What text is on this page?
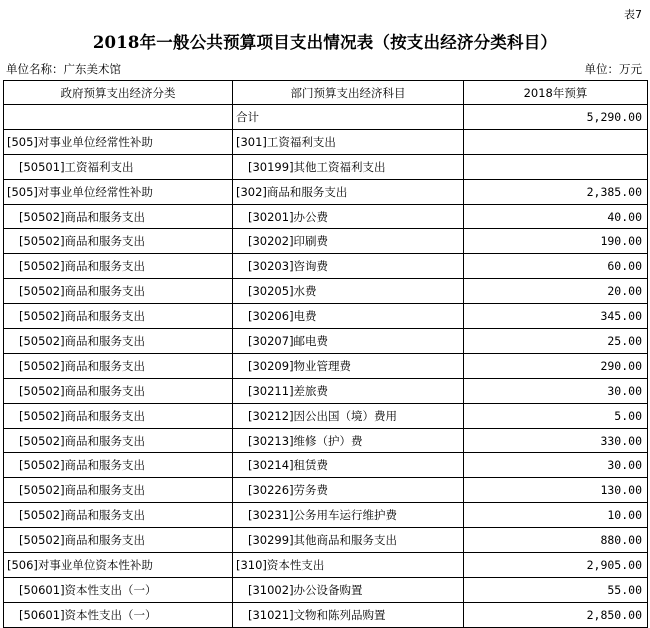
表7
2018年一般公共预算项目支出情况表（按支出经济分类科目）
单位名称：广东美术馆	单位：万元
政府预算支出经济分类	部门预算支出经济科目	2018年预算
	合计	5,290.00
[505]对事业单位经常性补助	[301]工资福利支出	
[50501]工资福利支出	[30199]其他工资福利支出	
[505]对事业单位经常性补助	[302]商品和服务支出	2,385.00
[50502]商品和服务支出	[30201]办公费	40.00
[50502]商品和服务支出	[30202]印刷费	190.00
[50502]商品和服务支出	[30203]咨询费	60.00
[50502]商品和服务支出	[30205]水费	20.00
[50502]商品和服务支出	[30206]电费	345.00
[50502]商品和服务支出	[30207]邮电费	25.00
[50502]商品和服务支出	[30209]物业管理费	290.00
[50502]商品和服务支出	[30211]差旅费	30.00
[50502]商品和服务支出	[30212]因公出国（境）费用	5.00
[50502]商品和服务支出	[30213]维修（护）费	330.00
[50502]商品和服务支出	[30214]租赁费	30.00
[50502]商品和服务支出	[30226]劳务费	130.00
[50502]商品和服务支出	[30231]公务用车运行维护费	10.00
[50502]商品和服务支出	[30299]其他商品和服务支出	880.00
[506]对事业单位资本性补助	[310]资本性支出	2,905.00
[50601]资本性支出（一）	[31002]办公设备购置	55.00
[50601]资本性支出（一）	[31021]文物和陈列品购置	2,850.00
